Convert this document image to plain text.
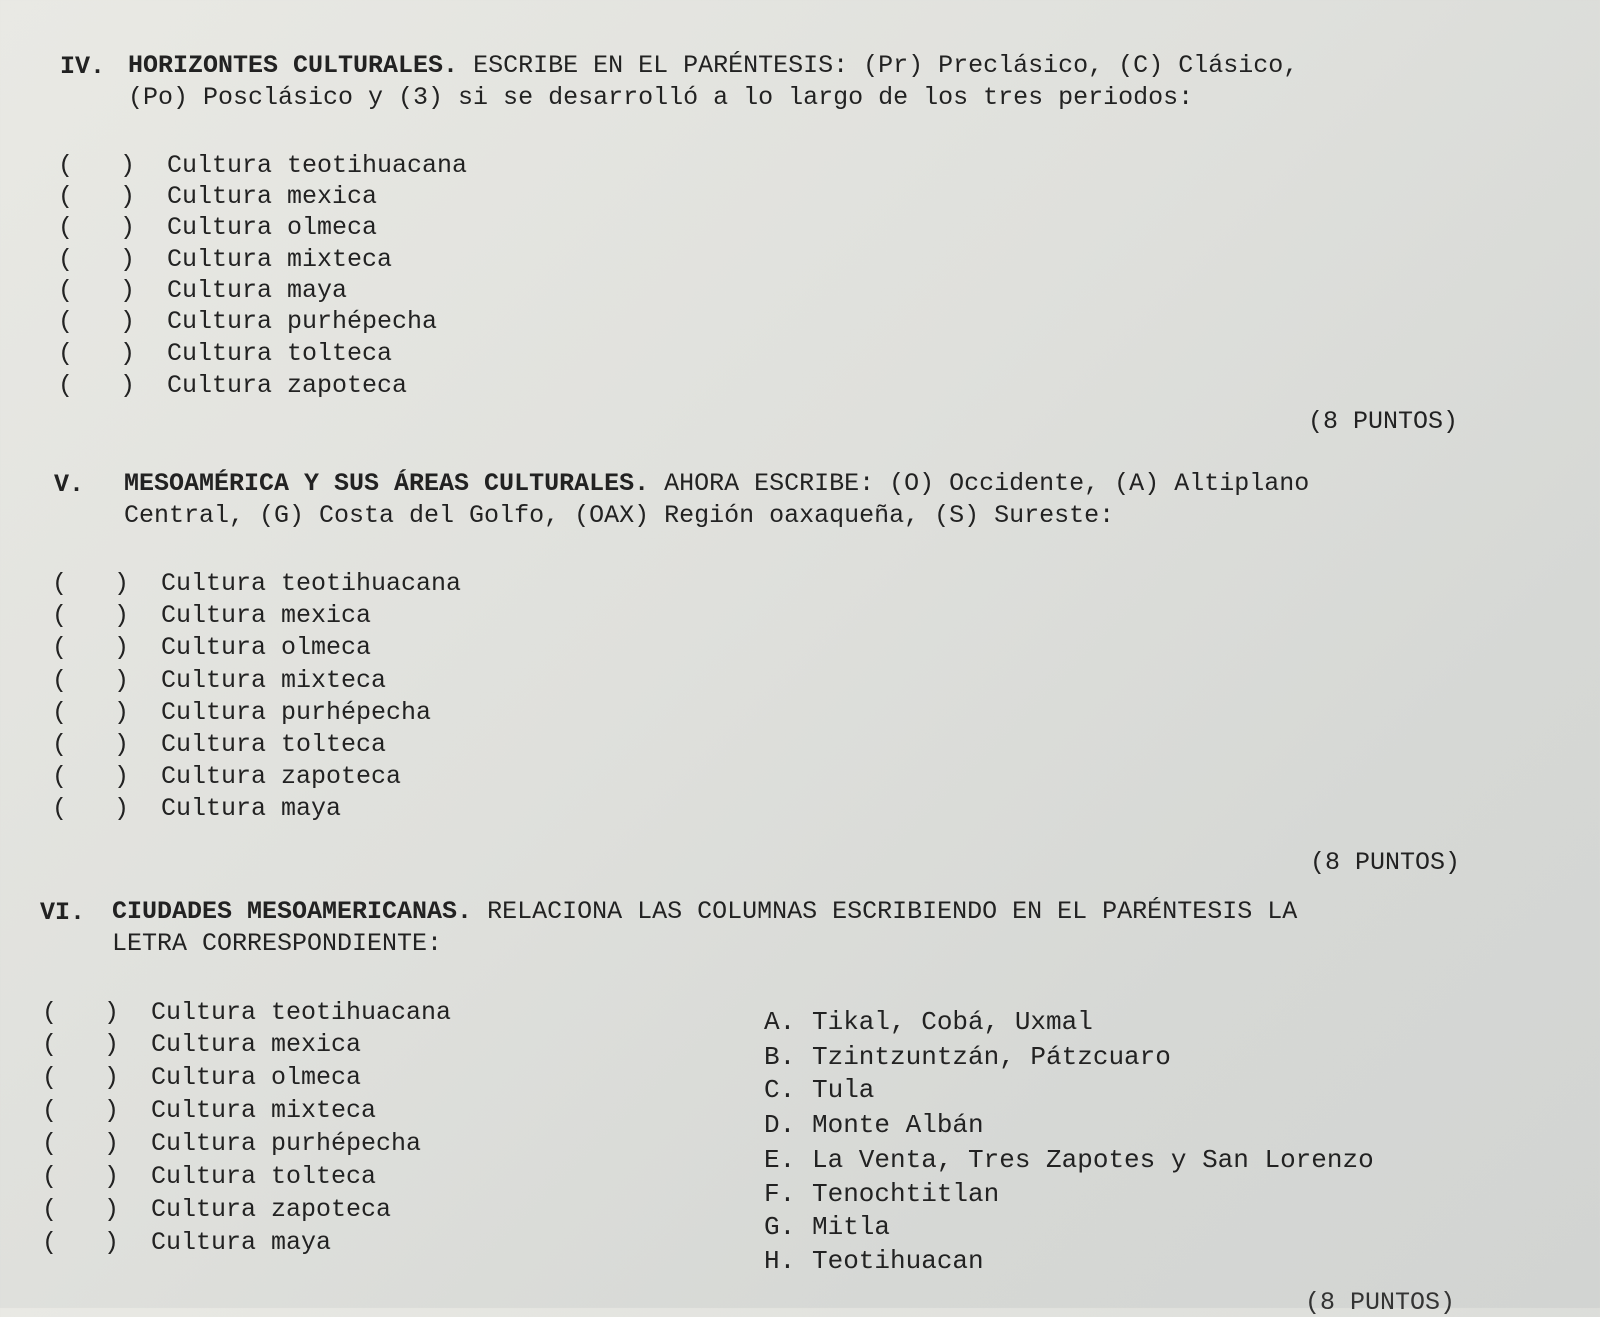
IV. HORIZONTES CULTURALES. ESCRIBE EN EL PARÉNTESIS: (Pr) Preclásico, (C) Clásico,
(Po) Posclásico y (3) si se desarrolló a lo largo de los tres periodos:
( ) Cultura teotihuacana
( ) Cultura mexica
( ) Cultura olmeca
( ) Cultura mixteca
( ) Cultura maya
( ) Cultura purhépecha
( ) Cultura tolteca
( ) Cultura zapoteca
(8 PUNTOS)
V. MESOAMÉRICA Y SUS ÁREAS CULTURALES. AHORA ESCRIBE: (O) Occidente, (A) Altiplano
Central, (G) Costa del Golfo, (OAX) Región oaxaqueña, (S) Sureste:
( ) Cultura teotihuacana
( ) Cultura mexica
( ) Cultura olmeca
( ) Cultura mixteca
( ) Cultura purhépecha
( ) Cultura tolteca
( ) Cultura zapoteca
( ) Cultura maya
(8 PUNTOS)
VI. CIUDADES MESOAMERICANAS. RELACIONA LAS COLUMNAS ESCRIBIENDO EN EL PARÉNTESIS LA
LETRA CORRESPONDIENTE:
( ) Cultura teotihuacana
( ) Cultura mexica
( ) Cultura olmeca
( ) Cultura mixteca
( ) Cultura purhépecha
( ) Cultura tolteca
( ) Cultura zapoteca
( ) Cultura maya
A. Tikal, Cobá, Uxmal
B. Tzintzuntzán, Pátzcuaro
C. Tula
D. Monte Albán
E. La Venta, Tres Zapotes y San Lorenzo
F. Tenochtitlan
G. Mitla
H. Teotihuacan
(8 PUNTOS)
